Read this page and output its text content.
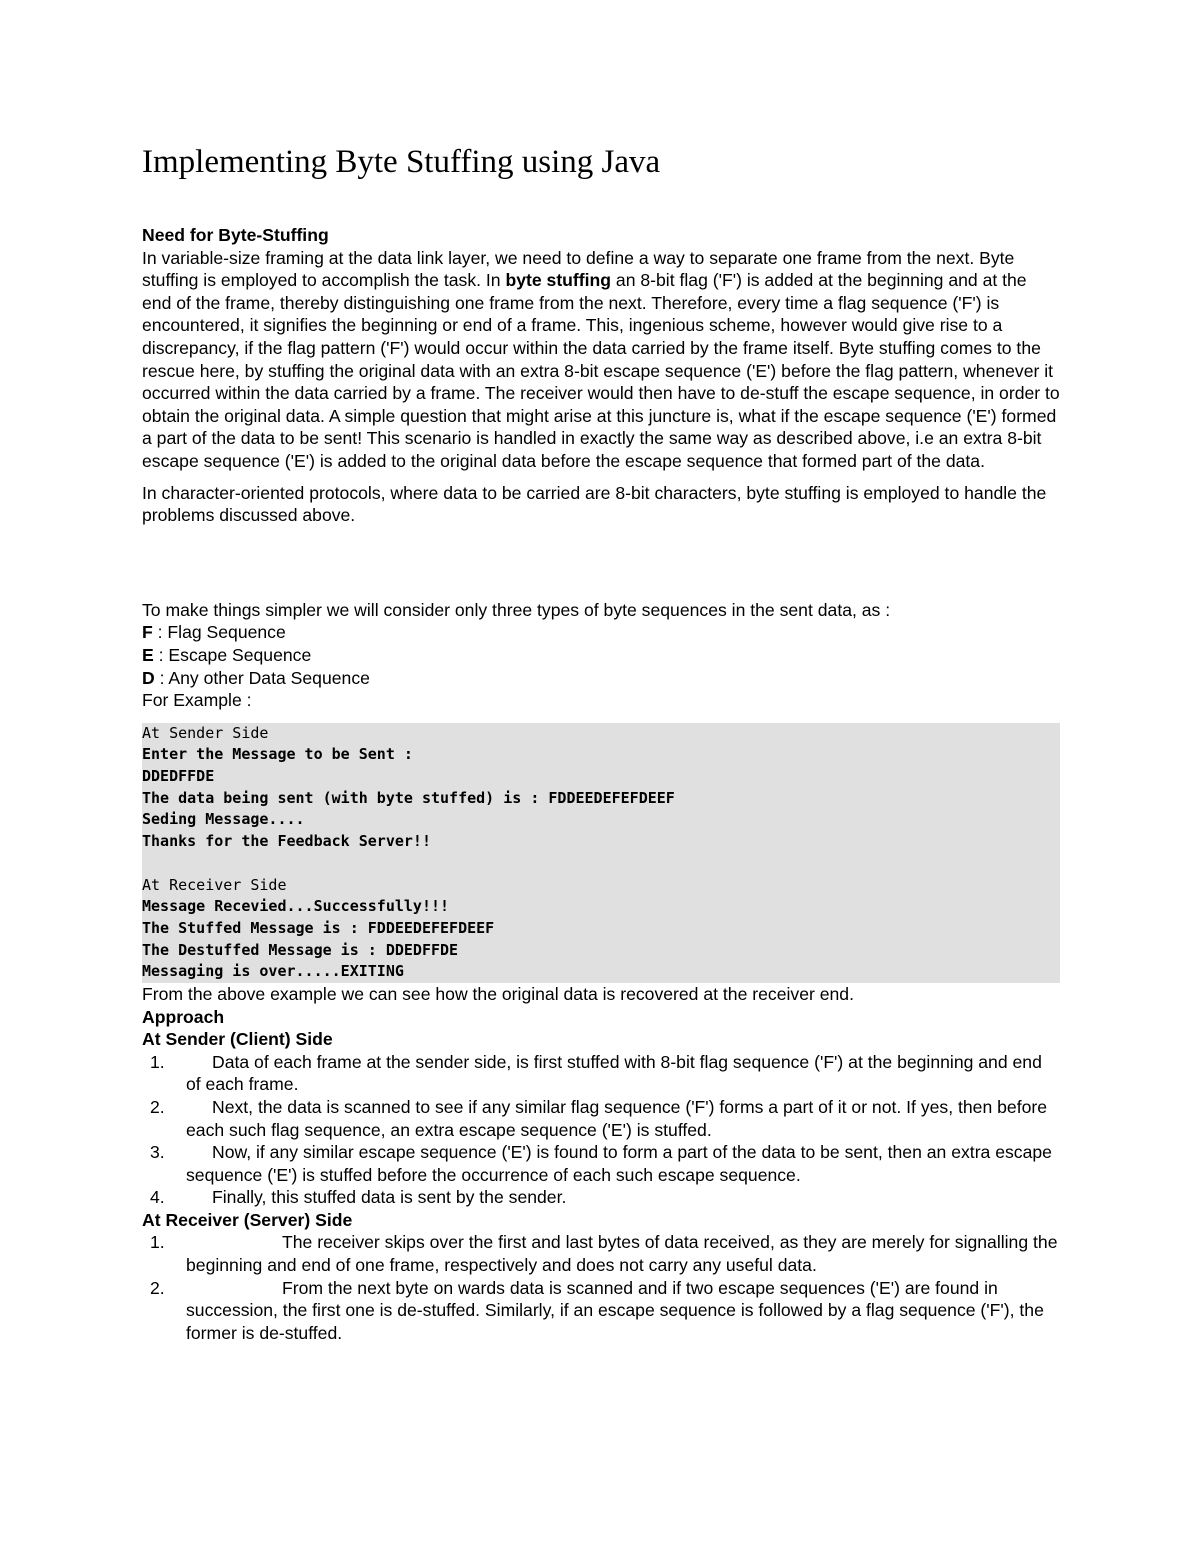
Implementing Byte Stuffing using Java
Need for Byte-Stuffing

In variable-size framing at the data link layer, we need to define a way to separate one frame from the next. Byte stuffing is employed to accomplish the task. In byte stuffing an 8-bit flag ('F') is added at the beginning and at the end of the frame, thereby distinguishing one frame from the next. Therefore, every time a flag sequence ('F') is encountered, it signifies the beginning or end of a frame. This, ingenious scheme, however would give rise to a discrepancy, if the flag pattern ('F') would occur within the data carried by the frame itself. Byte stuffing comes to the rescue here, by stuffing the original data with an extra 8-bit escape sequence ('E') before the flag pattern, whenever it occurred within the data carried by a frame. The receiver would then have to de-stuff the escape sequence, in order to obtain the original data. A simple question that might arise at this juncture is, what if the escape sequence ('E') formed a part of the data to be sent! This scenario is handled in exactly the same way as described above, i.e an extra 8-bit escape sequence ('E') is added to the original data before the escape sequence that formed part of the data.

In character-oriented protocols, where data to be carried are 8-bit characters, byte stuffing is employed to handle the problems discussed above.

To make things simpler we will consider only three types of byte sequences in the sent data, as :

F : Flag Sequence

E : Escape Sequence

D : Any other Data Sequence

For Example :

At Sender Side
Enter the Message to be Sent :
DDEDFFDE
The data being sent (with byte stuffed) is : FDDEEDEFEFDEEF
Seding Message....
Thanks for the Feedback Server!!
At Receiver Side
Message Recevied...Successfully!!!
The Stuffed Message is : FDDEEDEFEFDEEF
The Destuffed Message is : DDEDFFDE
Messaging is over.....EXITING

From the above example we can see how the original data is recovered at the receiver end.

Approach
At Sender (Client) Side
1.	Data of each frame at the sender side, is first stuffed with 8-bit flag sequence ('F') at the beginning and end of each frame.
2.	Next, the data is scanned to see if any similar flag sequence ('F') forms a part of it or not. If yes, then before each such flag sequence, an extra escape sequence ('E') is stuffed.
3.	Now, if any similar escape sequence ('E') is found to form a part of the data to be sent, then an extra escape sequence ('E') is stuffed before the occurrence of each such escape sequence.
4.	Finally, this stuffed data is sent by the sender.
At Receiver (Server) Side
1.	The receiver skips over the first and last bytes of data received, as they are merely for signalling the beginning and end of one frame, respectively and does not carry any useful data.
2.	From the next byte on wards data is scanned and if two escape sequences ('E') are found in succession, the first one is de-stuffed. Similarly, if an escape sequence is followed by a flag sequence ('F'), the former is de-stuffed.
